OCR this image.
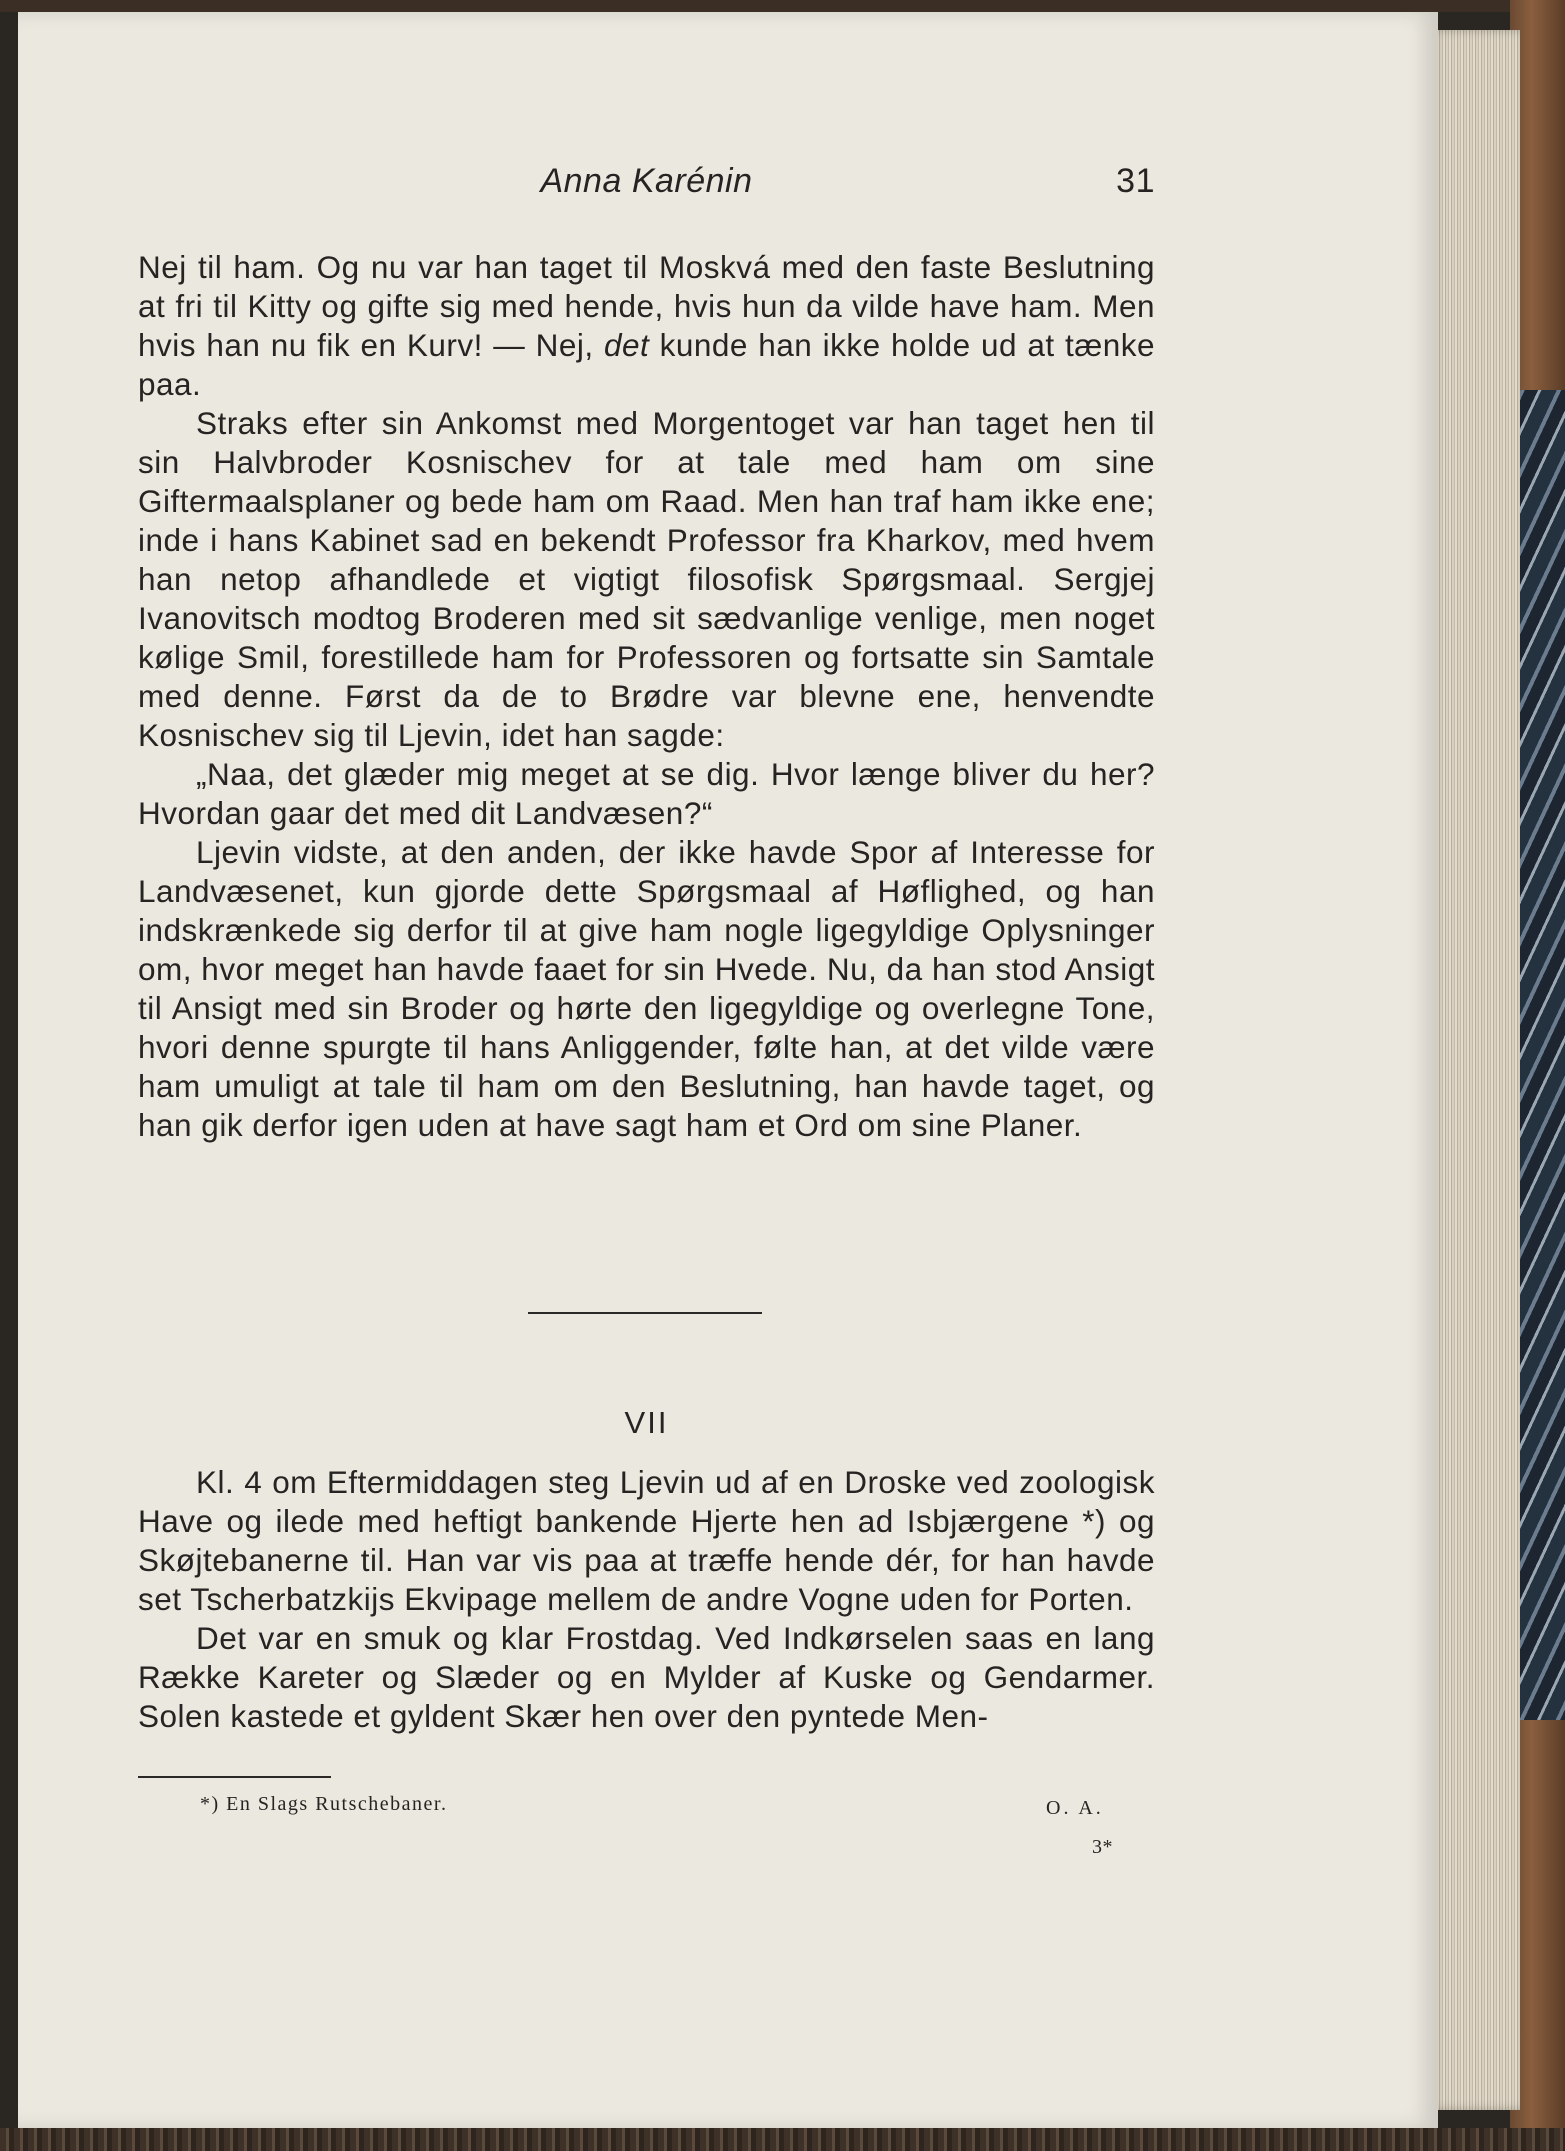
Anna Karénin	31

Nej til ham. Og nu var han taget til Moskvá med den faste Beslutning at fri til Kitty og gifte sig med hende, hvis hun da vilde have ham. Men hvis han nu fik en Kurv! — Nej, det kunde han ikke holde ud at tænke paa.

Straks efter sin Ankomst med Morgentoget var han taget hen til sin Halvbroder Kosnischev for at tale med ham om sine Giftermaalsplaner og bede ham om Raad. Men han traf ham ikke ene; inde i hans Kabinet sad en bekendt Professor fra Kharkov, med hvem han netop afhandlede et vigtigt filosofisk Spørgsmaal. Sergjej Ivanovitsch modtog Broderen med sit sædvanlige venlige, men noget kølige Smil, forestillede ham for Professoren og fortsatte sin Samtale med denne. Først da de to Brødre var blevne ene, henvendte Kosnischev sig til Ljevin, idet han sagde:

„Naa, det glæder mig meget at se dig. Hvor længe bliver du her? Hvordan gaar det med dit Landvæsen?“

Ljevin vidste, at den anden, der ikke havde Spor af Interesse for Landvæsenet, kun gjorde dette Spørgsmaal af Høflighed, og han indskrænkede sig derfor til at give ham nogle ligegyldige Oplysninger om, hvor meget han havde faaet for sin Hvede. Nu, da han stod Ansigt til Ansigt med sin Broder og hørte den ligegyldige og overlegne Tone, hvori denne spurgte til hans Anliggender, følte han, at det vilde være ham umuligt at tale til ham om den Beslutning, han havde taget, og han gik derfor igen uden at have sagt ham et Ord om sine Planer.

VII

Kl. 4 om Eftermiddagen steg Ljevin ud af en Droske ved zoologisk Have og ilede med heftigt bankende Hjerte hen ad Isbjærgene *) og Skøjtebanerne til. Han var vis paa at træffe hende dér, for han havde set Tscherbatzkijs Ekvipage mellem de andre Vogne uden for Porten.

Det var en smuk og klar Frostdag. Ved Indkørselen saas en lang Række Kareter og Slæder og en Mylder af Kuske og Gendarmer. Solen kastede et gyldent Skær hen over den pyntede Men-

*) En Slags Rutschebaner.	O. A.
3*
